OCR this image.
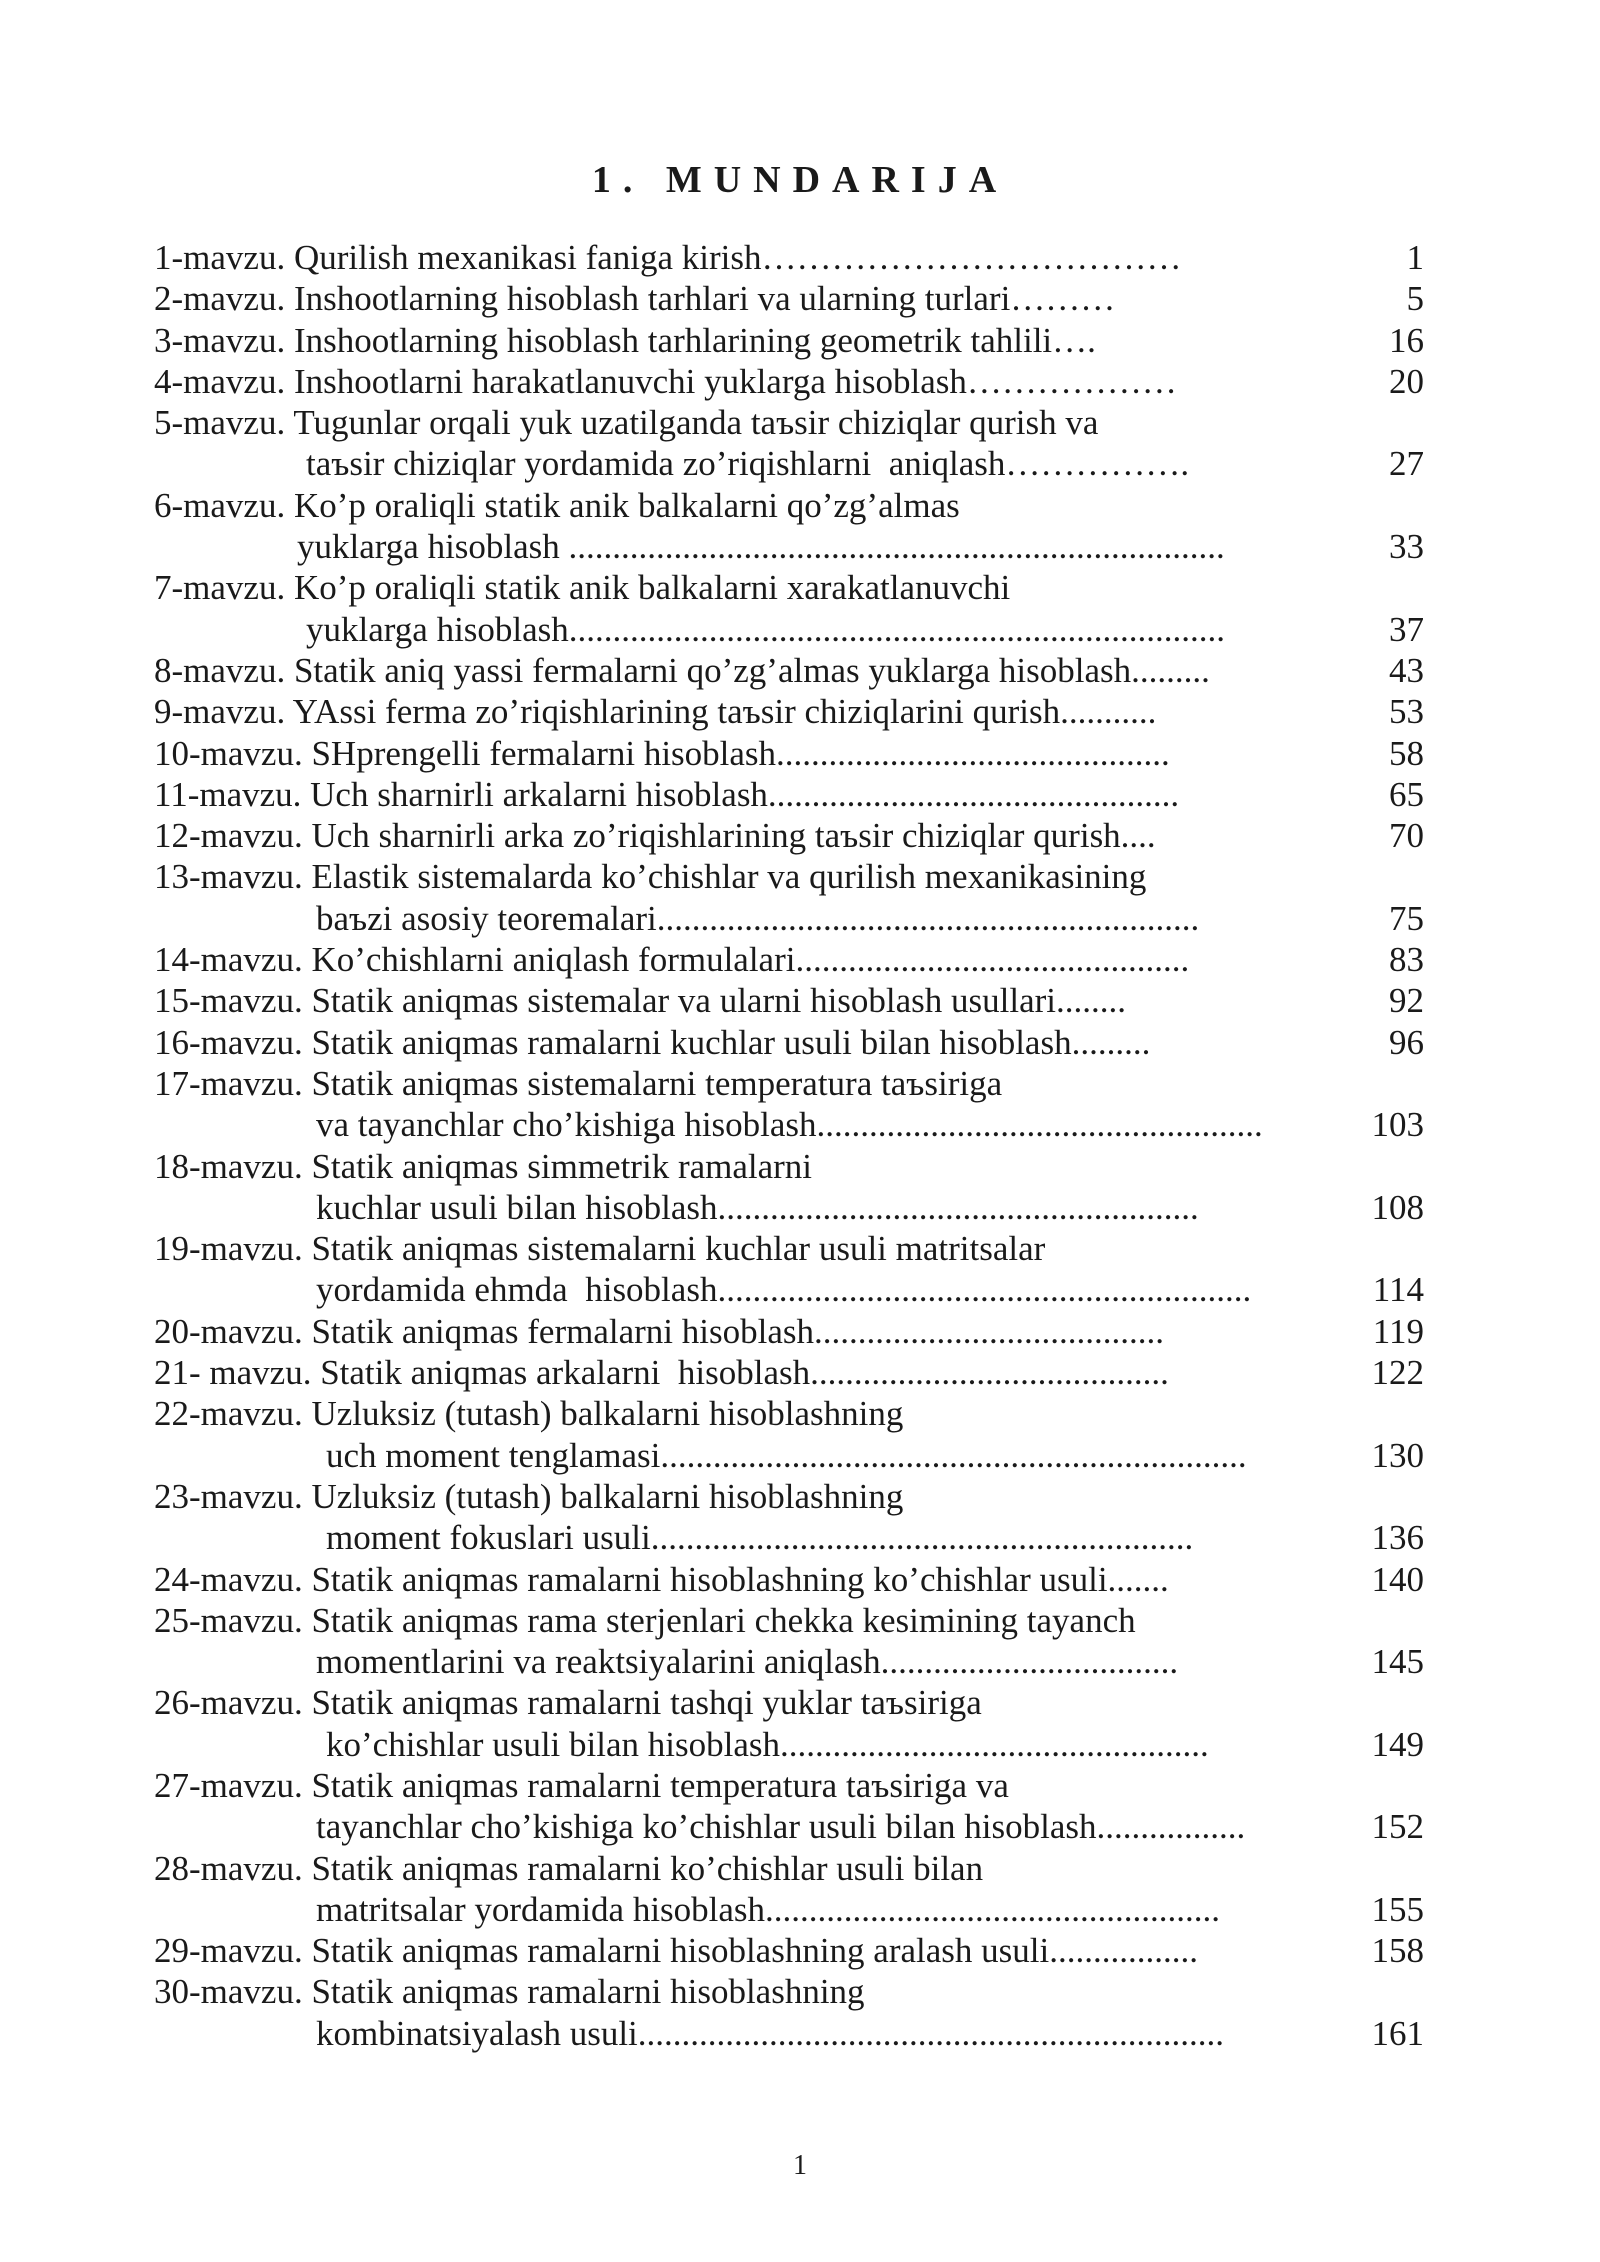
1. MUNDARIJA
1-mavzu. Qurilish mexanikasi faniga kirish………………………………	1
2-mavzu. Inshootlarning hisoblash tarhlari va ularning turlari………	5
3-mavzu. Inshootlarning hisoblash tarhlarining geometrik tahlili….	16
4-mavzu. Inshootlarni harakatlanuvchi yuklarga hisoblash………………	20
5-mavzu. Tugunlar orqali yuk uzatilganda taъsir chiziqlar qurish va
taъsir chiziqlar yordamida zo’riqishlarni  aniqlash…………….	27
6-mavzu. Ko’p oraliqli statik anik balkalarni qo’zg’almas
yuklarga hisoblash ...........................................................................	33
7-mavzu. Ko’p oraliqli statik anik balkalarni xarakatlanuvchi
yuklarga hisoblash...........................................................................	37
8-mavzu. Statik aniq yassi fermalarni qo’zg’almas yuklarga hisoblash.........	43
9-mavzu. YAssi ferma zo’riqishlarining taъsir chiziqlarini qurish...........	53
10-mavzu. SHprengelli fermalarni hisoblash.............................................	58
11-mavzu. Uch sharnirli arkalarni hisoblash...............................................	65
12-mavzu. Uch sharnirli arka zo’riqishlarining taъsir chiziqlar qurish....	70
13-mavzu. Elastik sistemalarda ko’chishlar va qurilish mexanikasining
baъzi asosiy teoremalari..............................................................	75
14-mavzu. Ko’chishlarni aniqlash formulalari.............................................	83
15-mavzu. Statik aniqmas sistemalar va ularni hisoblash usullari........	92
16-mavzu. Statik aniqmas ramalarni kuchlar usuli bilan hisoblash.........	96
17-mavzu. Statik aniqmas sistemalarni temperatura taъsiriga
va tayanchlar cho’kishiga hisoblash...................................................	103
18-mavzu. Statik aniqmas simmetrik ramalarni
kuchlar usuli bilan hisoblash.......................................................	108
19-mavzu. Statik aniqmas sistemalarni kuchlar usuli matritsalar
yordamida ehmda  hisoblash.............................................................	114
20-mavzu. Statik aniqmas fermalarni hisoblash........................................	119
21- mavzu. Statik aniqmas arkalarni  hisoblash.........................................	122
22-mavzu. Uzluksiz (tutash) balkalarni hisoblashning
uch moment tenglamasi...................................................................	130
23-mavzu. Uzluksiz (tutash) balkalarni hisoblashning
moment fokuslari usuli..............................................................	136
24-mavzu. Statik aniqmas ramalarni hisoblashning ko’chishlar usuli.......	140
25-mavzu. Statik aniqmas rama sterjenlari chekka kesimining tayanch
momentlarini va reaktsiyalarini aniqlash..................................	145
26-mavzu. Statik aniqmas ramalarni tashqi yuklar taъsiriga
ko’chishlar usuli bilan hisoblash.................................................	149
27-mavzu. Statik aniqmas ramalarni temperatura taъsiriga va
tayanchlar cho’kishiga ko’chishlar usuli bilan hisoblash.................	152
28-mavzu. Statik aniqmas ramalarni ko’chishlar usuli bilan
matritsalar yordamida hisoblash....................................................	155
29-mavzu. Statik aniqmas ramalarni hisoblashning aralash usuli.................	158
30-mavzu. Statik aniqmas ramalarni hisoblashning
kombinatsiyalash usuli...................................................................	161
1
